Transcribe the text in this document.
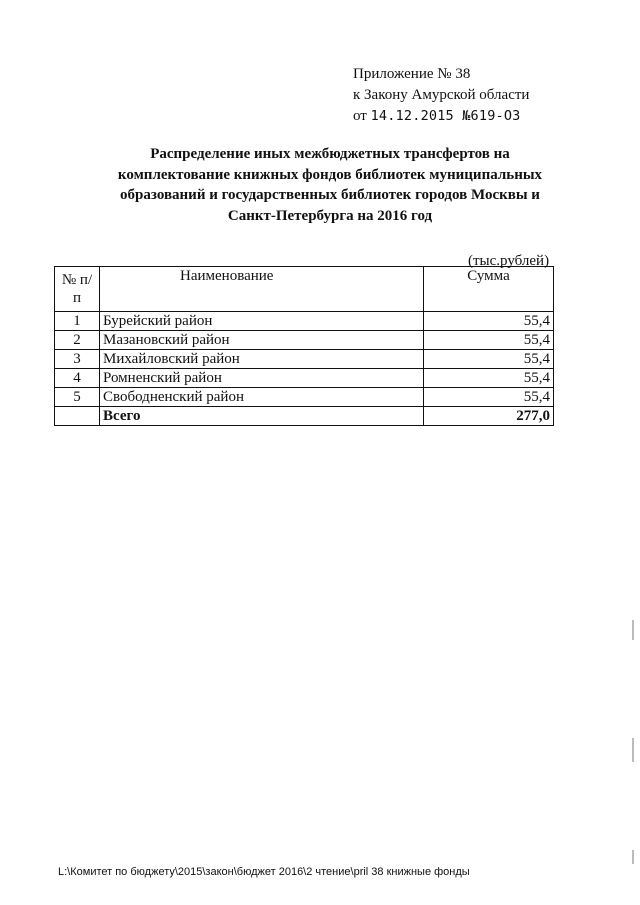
Приложение № 38
к Закону Амурской области
от 14.12.2015 №619-ОЗ
Распределение иных межбюджетных трансфертов на
комплектование книжных фондов библиотек муниципальных
образований и государственных библиотек городов Москвы и
Санкт-Петербурга на 2016 год
(тыс.рублей)
№ п/п	Наименование	Сумма
1	Бурейский район	55,4
2	Мазановский район	55,4
3	Михайловский район	55,4
4	Ромненский район	55,4
5	Свободненский район	55,4
	Всего	277,0
L:\Комитет по бюджету\2015\закон\бюджет 2016\2 чтение\pril 38 книжные фонды
